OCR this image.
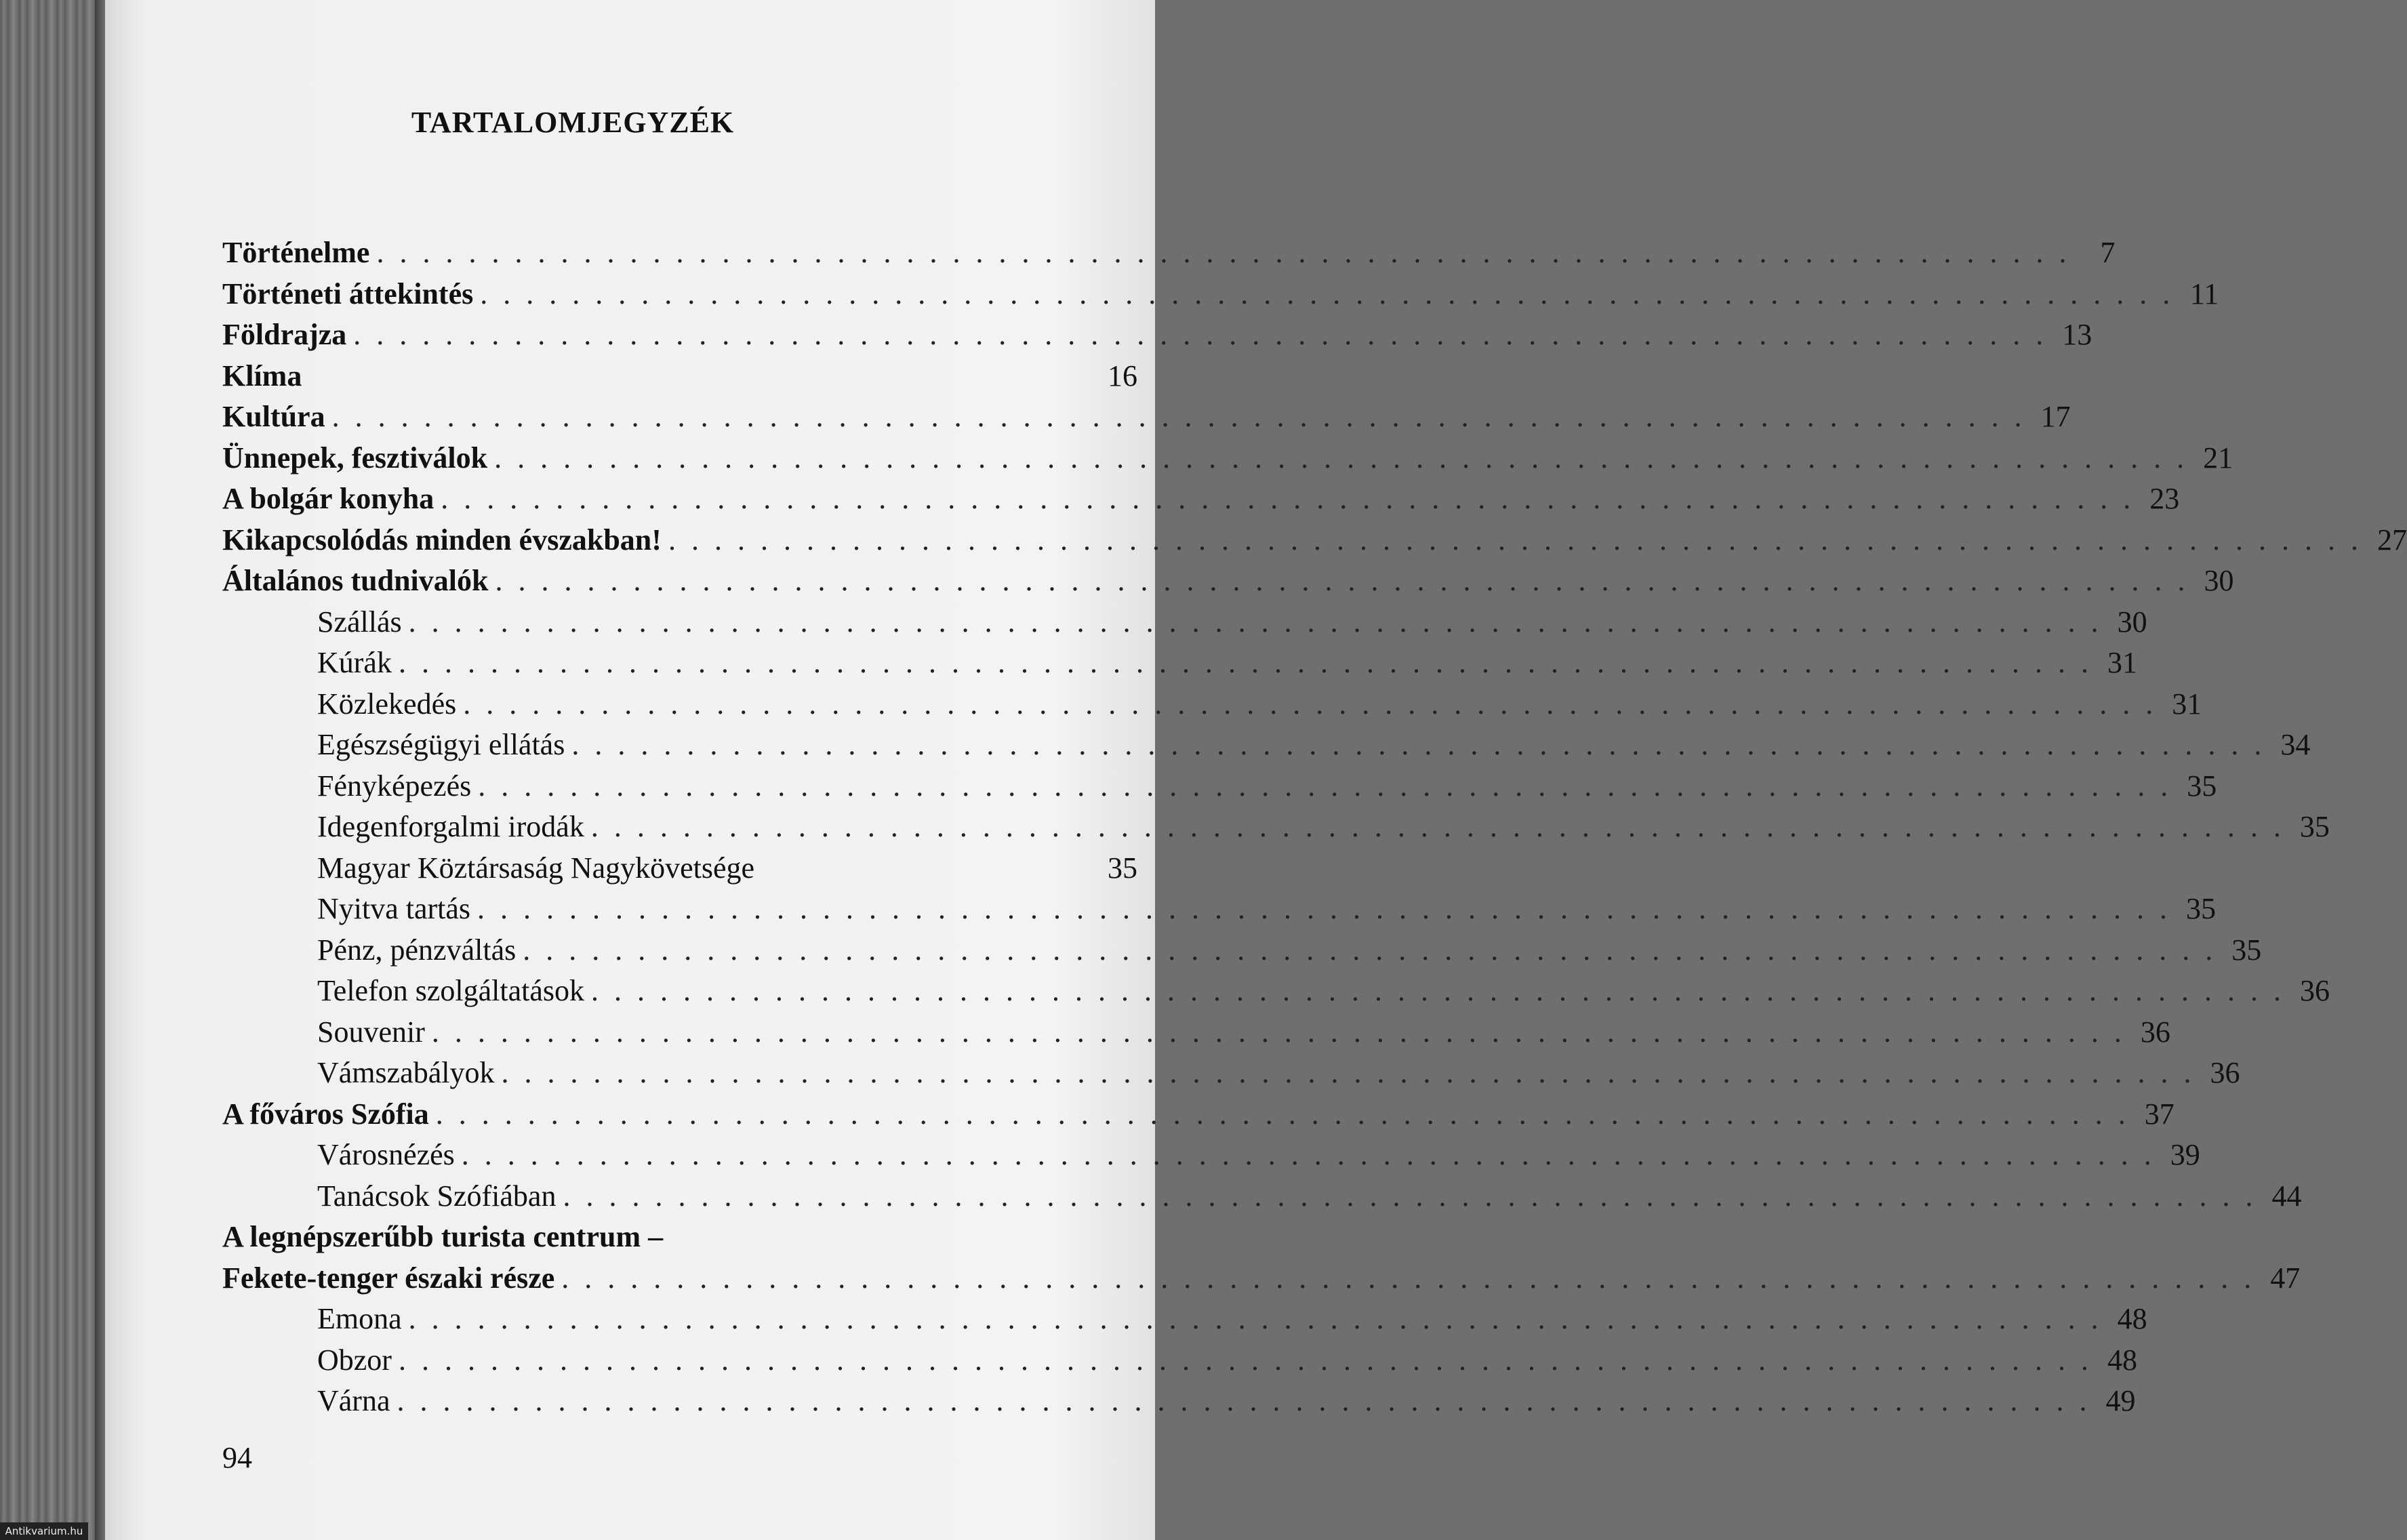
TARTALOMJEGYZÉK
Történelme . . . . . . . . . . . . . . . . . . . . . . . . . . . . . . . . . . . . . . . . . . . . . . . . . . . . . . . . . . . . . . . . . . . . . . . . . .	7
Történeti áttekintés . . . . . . . . . . . . . . . . . . . . . . . . . . . . . . . . . . . . . . . . . . . . . . . . . . . . . . . . . . . . . . . . . . . . . . . . . . 11
Földrajza . . . . . . . . . . . . . . . . . . . . . . . . . . . . . . . . . . . . . . . . . . . . . . . . . . . . . . . . . . . . . . . . . . . . . . . . . . 13
Klíma	16
Kultúra . . . . . . . . . . . . . . . . . . . . . . . . . . . . . . . . . . . . . . . . . . . . . . . . . . . . . . . . . . . . . . . . . . . . . . . . . . 17
Ünnepek, fesztiválok . . . . . . . . . . . . . . . . . . . . . . . . . . . . . . . . . . . . . . . . . . . . . . . . . . . . . . . . . . . . . . . . . . . . . . . . . . 21
A bolgár konyha . . . . . . . . . . . . . . . . . . . . . . . . . . . . . . . . . . . . . . . . . . . . . . . . . . . . . . . . . . . . . . . . . . . . . . . . . . 23
Kikapcsolódás minden évszakban! . . . . . . . . . . . . . . . . . . . . . . . . . . . . . . . . . . . . . . . . . . . . . . . . . . . . . . . . . . . . . . . . . . . . . . . . . . 27
Általános tudnivalók . . . . . . . . . . . . . . . . . . . . . . . . . . . . . . . . . . . . . . . . . . . . . . . . . . . . . . . . . . . . . . . . . . . . . . . . . . 30
Szállás . . . . . . . . . . . . . . . . . . . . . . . . . . . . . . . . . . . . . . . . . . . . . . . . . . . . . . . . . . . . . . . . . . . . . . . . . . 30
Kúrák . . . . . . . . . . . . . . . . . . . . . . . . . . . . . . . . . . . . . . . . . . . . . . . . . . . . . . . . . . . . . . . . . . . . . . . . . . 31
Közlekedés . . . . . . . . . . . . . . . . . . . . . . . . . . . . . . . . . . . . . . . . . . . . . . . . . . . . . . . . . . . . . . . . . . . . . . . . . . 31
Egészségügyi ellátás . . . . . . . . . . . . . . . . . . . . . . . . . . . . . . . . . . . . . . . . . . . . . . . . . . . . . . . . . . . . . . . . . . . . . . . . . . 34
Fényképezés . . . . . . . . . . . . . . . . . . . . . . . . . . . . . . . . . . . . . . . . . . . . . . . . . . . . . . . . . . . . . . . . . . . . . . . . . . 35
Idegenforgalmi irodák . . . . . . . . . . . . . . . . . . . . . . . . . . . . . . . . . . . . . . . . . . . . . . . . . . . . . . . . . . . . . . . . . . . . . . . . . . 35
Magyar Köztársaság Nagykövetsége	35
Nyitva tartás . . . . . . . . . . . . . . . . . . . . . . . . . . . . . . . . . . . . . . . . . . . . . . . . . . . . . . . . . . . . . . . . . . . . . . . . . . 35
Pénz, pénzváltás . . . . . . . . . . . . . . . . . . . . . . . . . . . . . . . . . . . . . . . . . . . . . . . . . . . . . . . . . . . . . . . . . . . . . . . . . . 35
Telefon szolgáltatások . . . . . . . . . . . . . . . . . . . . . . . . . . . . . . . . . . . . . . . . . . . . . . . . . . . . . . . . . . . . . . . . . . . . . . . . . . 36
Souvenir . . . . . . . . . . . . . . . . . . . . . . . . . . . . . . . . . . . . . . . . . . . . . . . . . . . . . . . . . . . . . . . . . . . . . . . . . . 36
Vámszabályok . . . . . . . . . . . . . . . . . . . . . . . . . . . . . . . . . . . . . . . . . . . . . . . . . . . . . . . . . . . . . . . . . . . . . . . . . . 36
A főváros Szófia . . . . . . . . . . . . . . . . . . . . . . . . . . . . . . . . . . . . . . . . . . . . . . . . . . . . . . . . . . . . . . . . . . . . . . . . . . 37
Városnézés . . . . . . . . . . . . . . . . . . . . . . . . . . . . . . . . . . . . . . . . . . . . . . . . . . . . . . . . . . . . . . . . . . . . . . . . . . 39
Tanácsok Szófiában . . . . . . . . . . . . . . . . . . . . . . . . . . . . . . . . . . . . . . . . . . . . . . . . . . . . . . . . . . . . . . . . . . . . . . . . . . 44
A legnépszerűbb turista centrum –
Fekete-tenger északi része . . . . . . . . . . . . . . . . . . . . . . . . . . . . . . . . . . . . . . . . . . . . . . . . . . . . . . . . . . . . . . . . . . . . . . . . . . 47
Emona . . . . . . . . . . . . . . . . . . . . . . . . . . . . . . . . . . . . . . . . . . . . . . . . . . . . . . . . . . . . . . . . . . . . . . . . . . 48
Obzor . . . . . . . . . . . . . . . . . . . . . . . . . . . . . . . . . . . . . . . . . . . . . . . . . . . . . . . . . . . . . . . . . . . . . . . . . . 48
Várna . . . . . . . . . . . . . . . . . . . . . . . . . . . . . . . . . . . . . . . . . . . . . . . . . . . . . . . . . . . . . . . . . . . . . . . . . . 49
94
Antikvarium.hu
